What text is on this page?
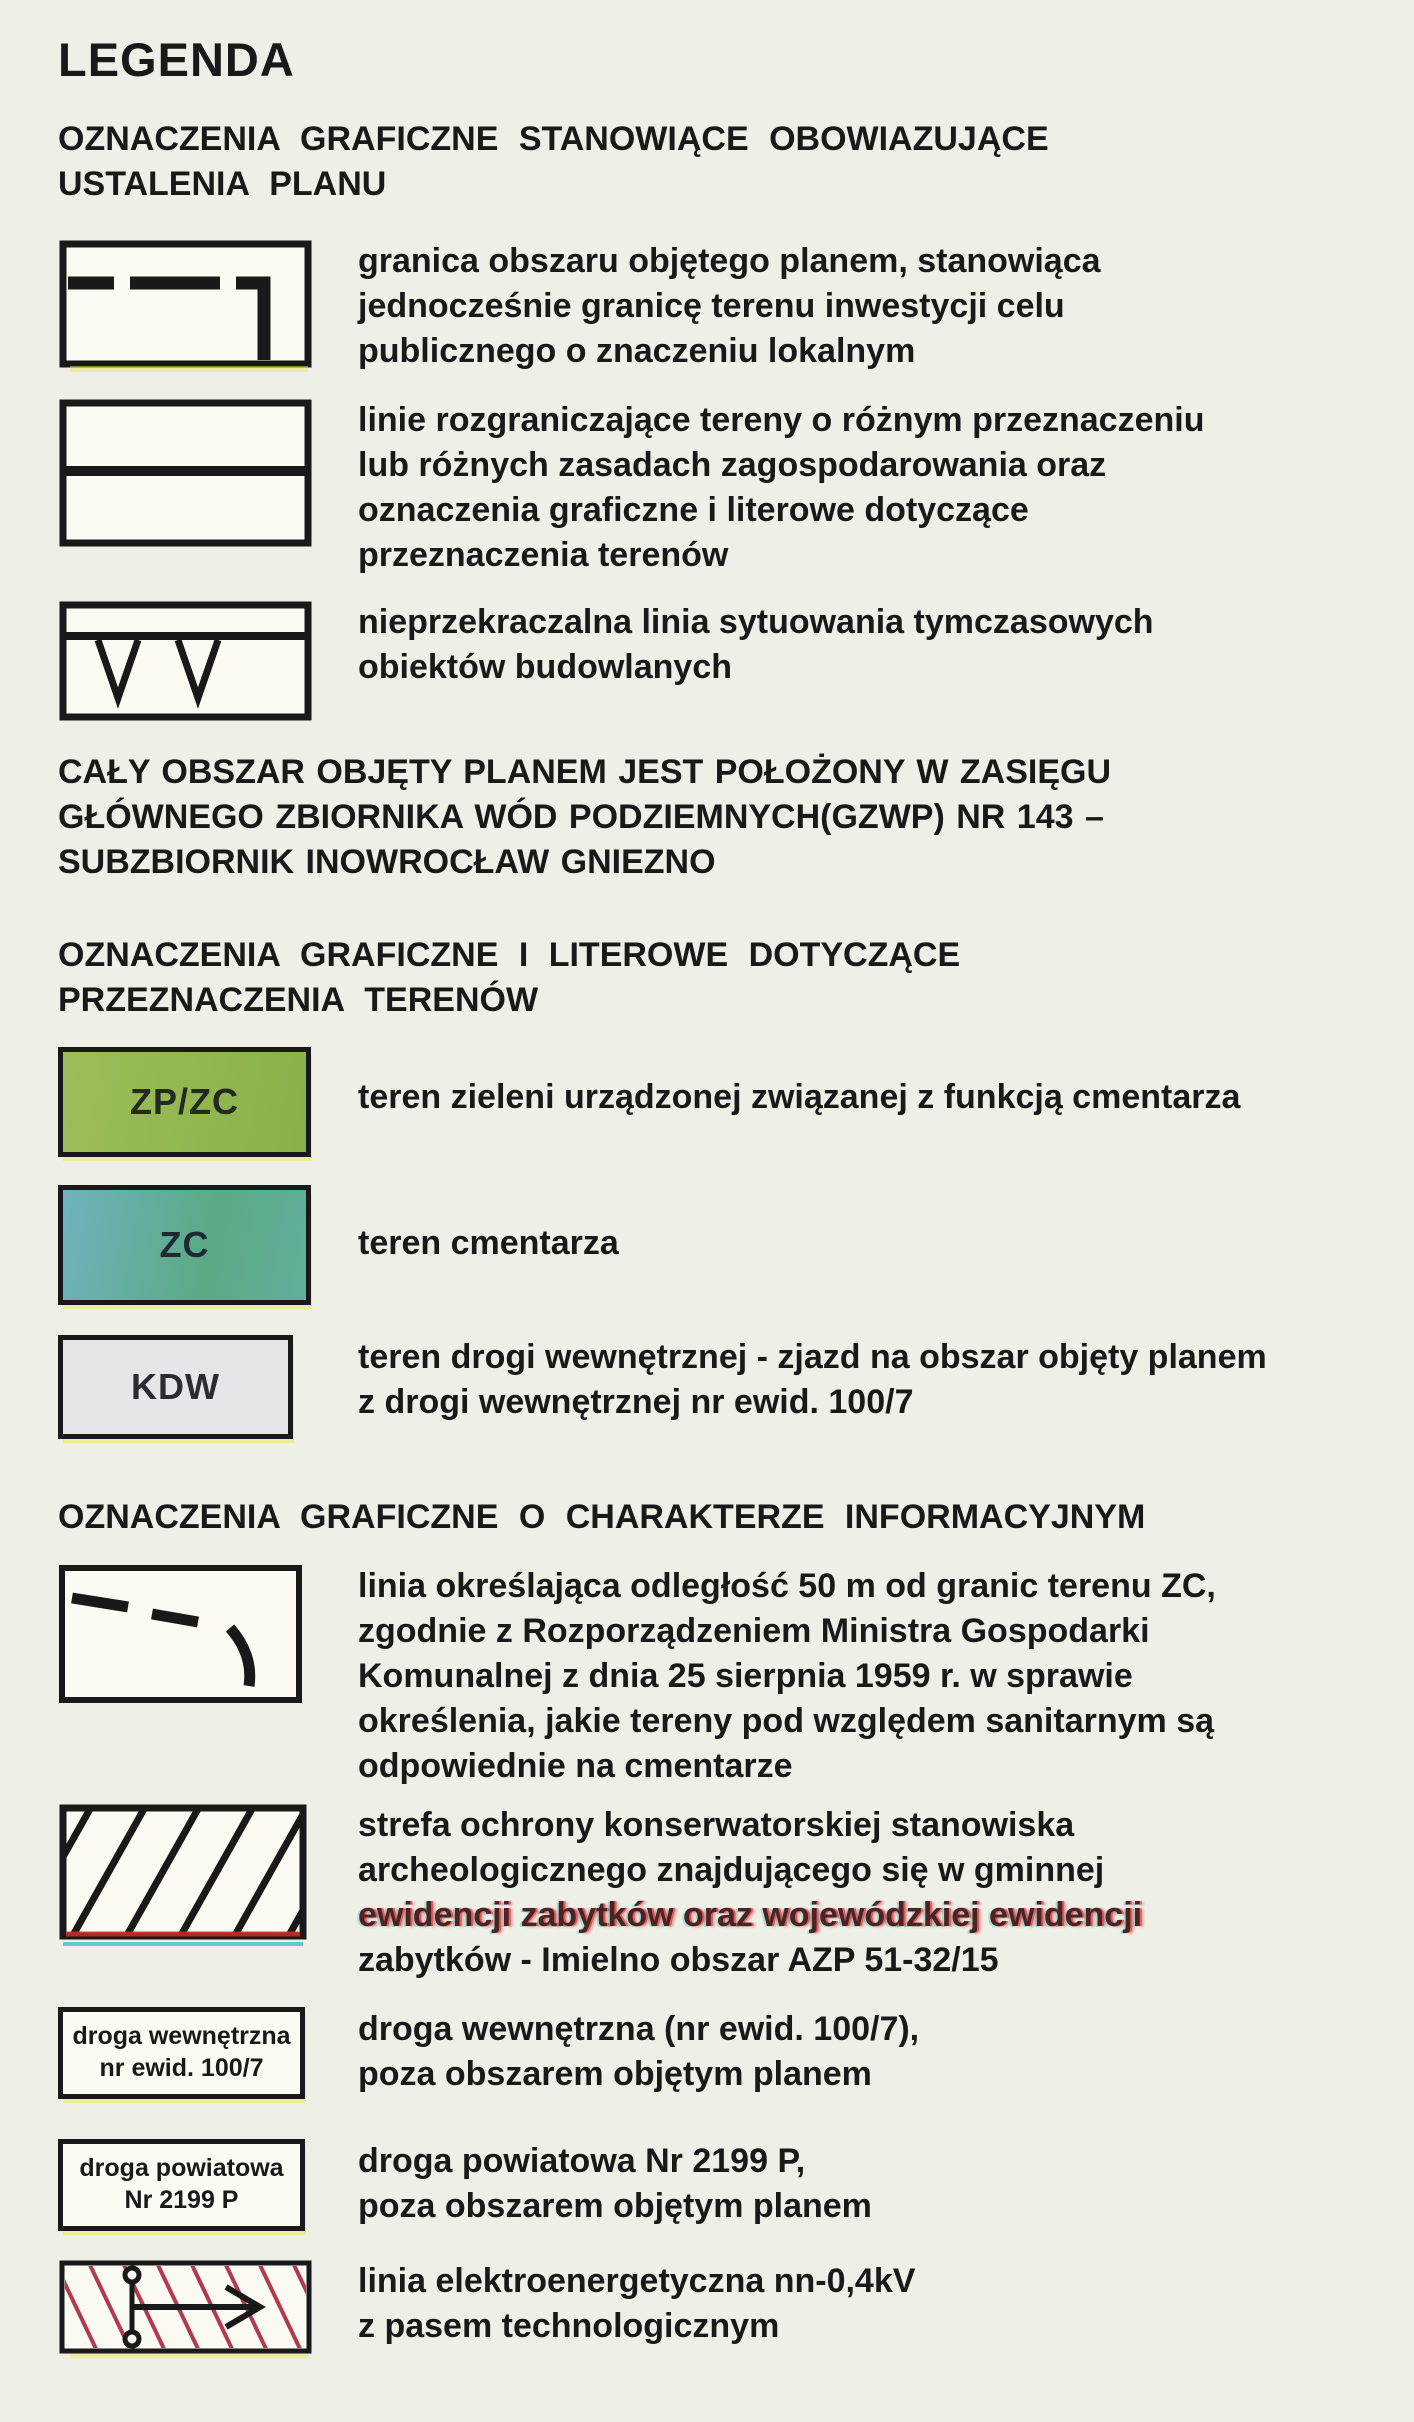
LEGENDA
OZNACZENIA GRAFICZNE STANOWIĄCE OBOWIAZUJĄCE
USTALENIA PLANU
granica obszaru objętego planem, stanowiąca
jednocześnie granicę terenu inwestycji celu
publicznego o znaczeniu lokalnym
linie rozgraniczające tereny o różnym przeznaczeniu
lub różnych zasadach zagospodarowania oraz
oznaczenia graficzne i literowe dotyczące
przeznaczenia terenów
nieprzekraczalna linia sytuowania tymczasowych
obiektów budowlanych
CAŁY OBSZAR OBJĘTY PLANEM JEST POŁOŻONY W ZASIĘGU
GŁÓWNEGO ZBIORNIKA WÓD PODZIEMNYCH(GZWP) NR 143 –
SUBZBIORNIK INOWROCŁAW GNIEZNO
OZNACZENIA GRAFICZNE I LITEROWE DOTYCZĄCE
PRZEZNACZENIA TERENÓW
ZP/ZC	teren zieleni urządzonej związanej z funkcją cmentarza
ZC	teren cmentarza
KDW
teren drogi wewnętrznej - zjazd na obszar objęty planem
z drogi wewnętrznej nr ewid. 100/7
OZNACZENIA GRAFICZNE O CHARAKTERZE INFORMACYJNYM
linia określająca odległość 50 m od granic terenu ZC,
zgodnie z Rozporządzeniem Ministra Gospodarki
Komunalnej z dnia 25 sierpnia 1959 r. w sprawie
określenia, jakie tereny pod względem sanitarnym są
odpowiednie na cmentarze
strefa ochrony konserwatorskiej stanowiska
archeologicznego znajdującego się w gminnej
ewidencji zabytków oraz wojewódzkiej ewidencji
zabytków - Imielno obszar AZP 51-32/15
droga wewnętrzna
nr ewid. 100/7
droga wewnętrzna (nr ewid. 100/7),
poza obszarem objętym planem
droga powiatowa
Nr 2199 P
droga powiatowa Nr 2199 P,
poza obszarem objętym planem
linia elektroenergetyczna nn-0,4kV
z pasem technologicznym
